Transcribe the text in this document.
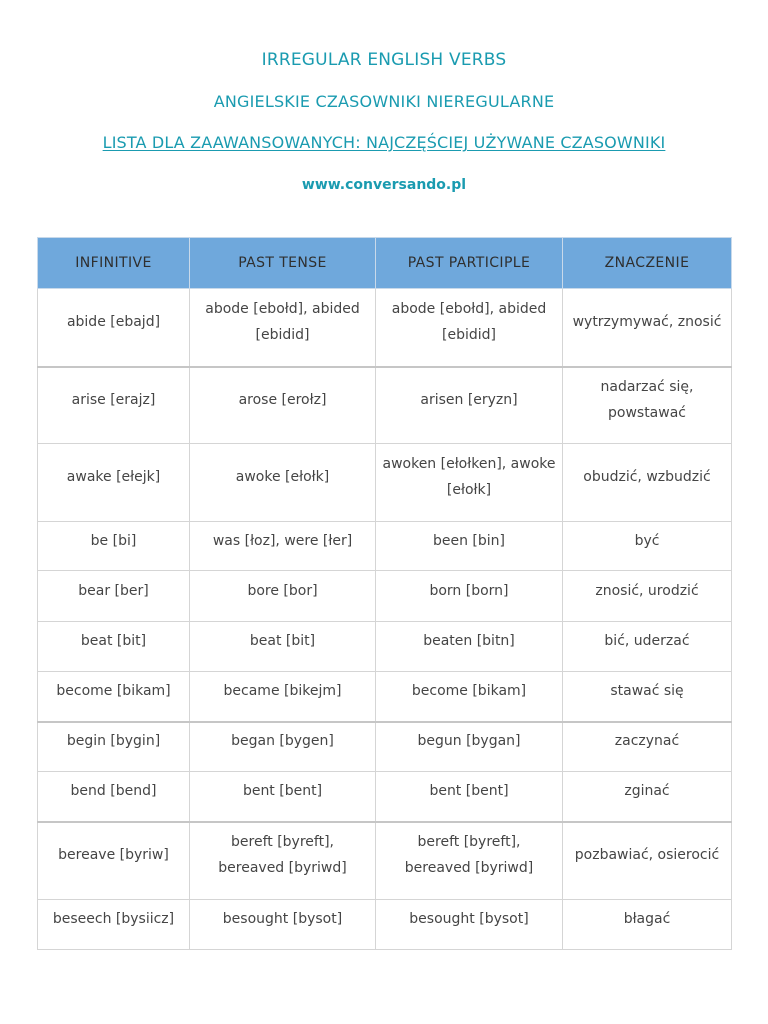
IRREGULAR ENGLISH VERBS
ANGIELSKIE CZASOWNIKI NIEREGULARNE
LISTA DLA ZAAWANSOWANYCH: NAJCZĘŚCIEJ UŻYWANE CZASOWNIKI
www.conversando.pl
INFINITIVE	PAST TENSE	PAST PARTICIPLE	ZNACZENIE
abide [ebajd]	abode [ebołd], abided [ebidid]	abode [ebołd], abided [ebidid]	wytrzymywać, znosić
arise [erajz]	arose [erołz]	arisen [eryzn]	nadarzać się, powstawać
awake [ełejk]	awoke [ełołk]	awoken [ełołken], awoke [ełołk]	obudzić, wzbudzić
be [bi]	was [łoz], were [łer]	been [bin]	być
bear [ber]	bore [bor]	born [born]	znosić, urodzić
beat [bit]	beat [bit]	beaten [bitn]	bić, uderzać
become [bikam]	became [bikejm]	become [bikam]	stawać się
begin [bygin]	began [bygen]	begun [bygan]	zaczynać
bend [bend]	bent [bent]	bent [bent]	zginać
bereave [byriw]	bereft [byreft], bereaved [byriwd]	bereft [byreft], bereaved [byriwd]	pozbawiać, osierocić
beseech [bysiicz]	besought [bysot]	besought [bysot]	błagać
